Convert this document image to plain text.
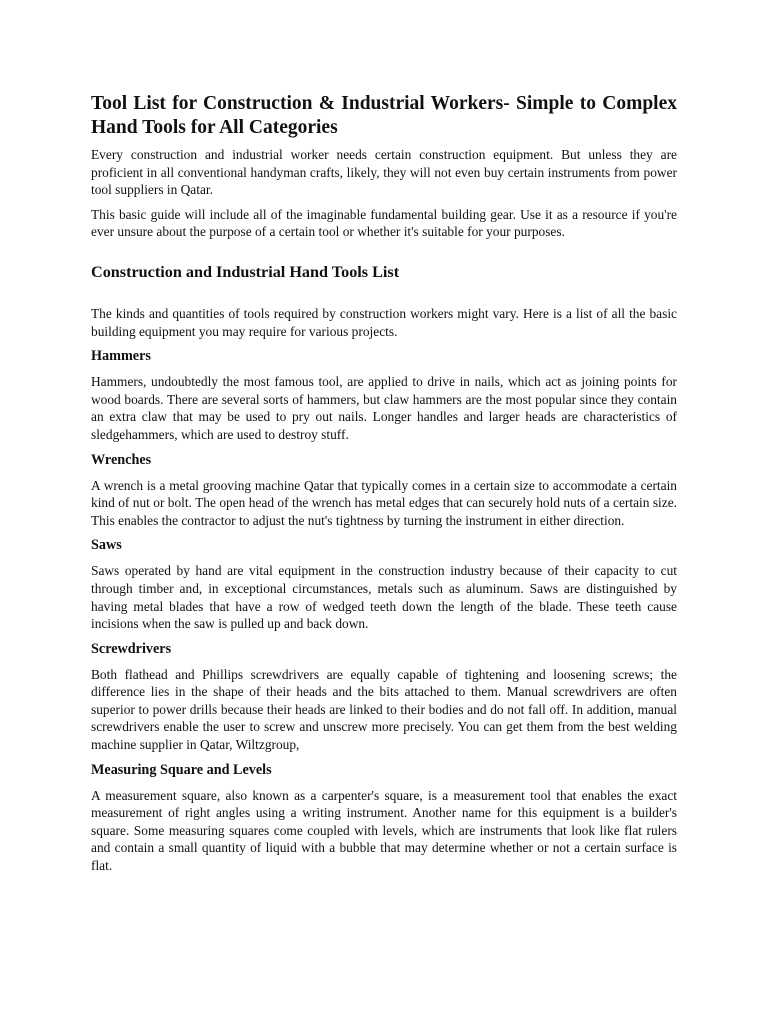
Tool List for Construction & Industrial Workers- Simple to Complex Hand Tools for All Categories

Every construction and industrial worker needs certain construction equipment. But unless they are proficient in all conventional handyman crafts, likely, they will not even buy certain instruments from power tool suppliers in Qatar.

This basic guide will include all of the imaginable fundamental building gear. Use it as a resource if you're ever unsure about the purpose of a certain tool or whether it's suitable for your purposes.

Construction and Industrial Hand Tools List

The kinds and quantities of tools required by construction workers might vary. Here is a list of all the basic building equipment you may require for various projects.

Hammers

Hammers, undoubtedly the most famous tool, are applied to drive in nails, which act as joining points for wood boards. There are several sorts of hammers, but claw hammers are the most popular since they contain an extra claw that may be used to pry out nails. Longer handles and larger heads are characteristics of sledgehammers, which are used to destroy stuff.

Wrenches

A wrench is a metal grooving machine Qatar that typically comes in a certain size to accommodate a certain kind of nut or bolt. The open head of the wrench has metal edges that can securely hold nuts of a certain size. This enables the contractor to adjust the nut's tightness by turning the instrument in either direction.

Saws

Saws operated by hand are vital equipment in the construction industry because of their capacity to cut through timber and, in exceptional circumstances, metals such as aluminum. Saws are distinguished by having metal blades that have a row of wedged teeth down the length of the blade. These teeth cause incisions when the saw is pulled up and back down.

Screwdrivers

Both flathead and Phillips screwdrivers are equally capable of tightening and loosening screws; the difference lies in the shape of their heads and the bits attached to them. Manual screwdrivers are often superior to power drills because their heads are linked to their bodies and do not fall off. In addition, manual screwdrivers enable the user to screw and unscrew more precisely. You can get them from the best welding machine supplier in Qatar, Wiltzgroup,

Measuring Square and Levels

A measurement square, also known as a carpenter's square, is a measurement tool that enables the exact measurement of right angles using a writing instrument. Another name for this equipment is a builder's square. Some measuring squares come coupled with levels, which are instruments that look like flat rulers and contain a small quantity of liquid with a bubble that may determine whether or not a certain surface is flat.
